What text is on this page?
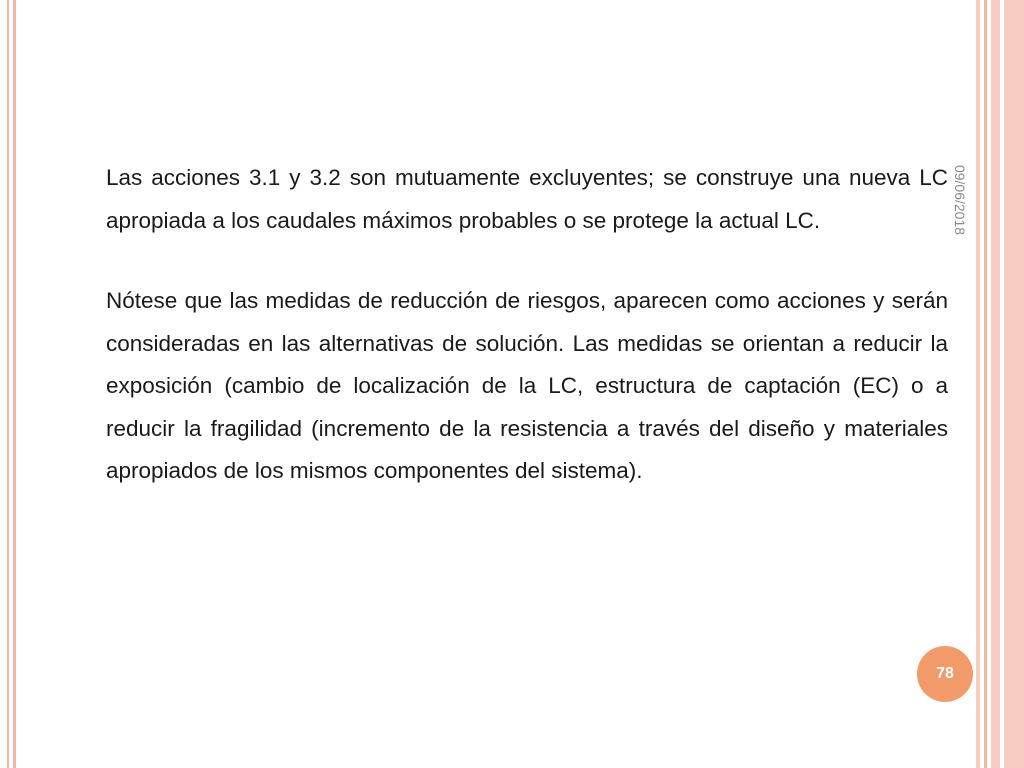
09/06/2018

Las acciones 3.1 y 3.2 son mutuamente excluyentes; se construye una nueva LC apropiada a los caudales máximos probables o se protege la actual LC.

Nótese que las medidas de reducción de riesgos, aparecen como acciones y serán consideradas en las alternativas de solución. Las medidas se orientan a reducir la exposición (cambio de localización de la LC, estructura de captación (EC) o a reducir la fragilidad (incremento de la resistencia a través del diseño y materiales apropiados de los mismos componentes del sistema).

78
